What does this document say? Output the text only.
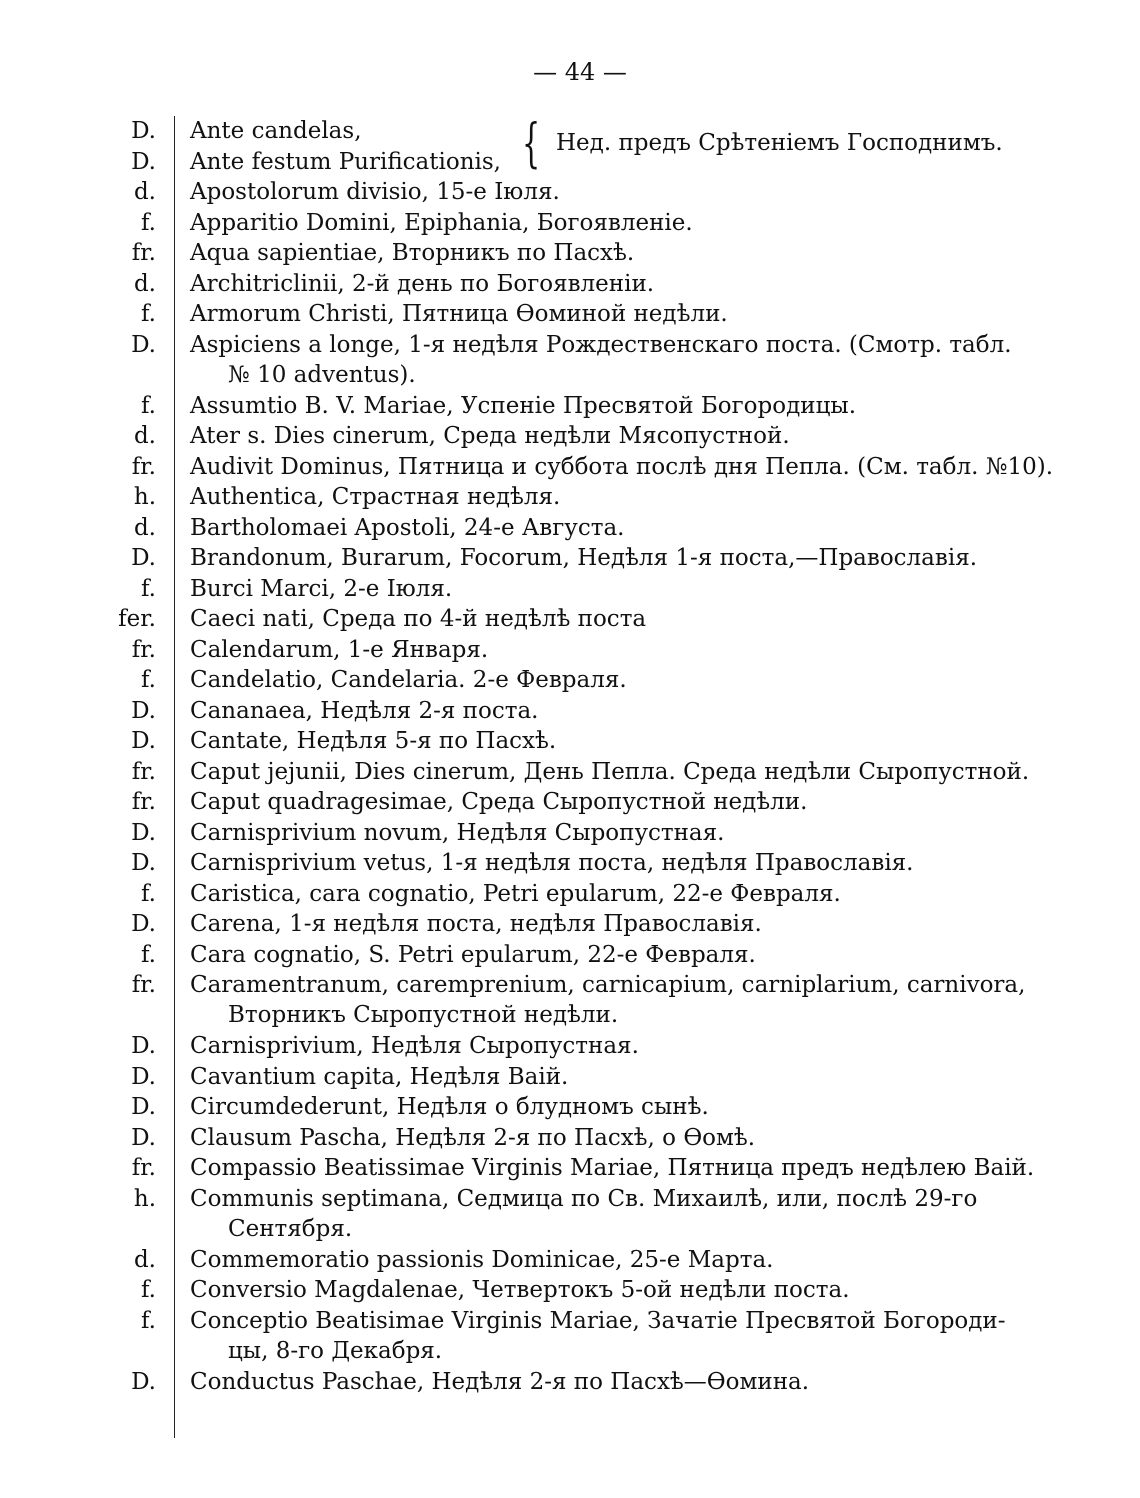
— 44 —
{ Нед. предъ Срѣтеніемъ Господнимъ.
D. Ante candelas,
D. Ante festum Purificationis,
d. Apostolorum divisio, 15-е Іюля.
f. Apparitio Domini, Epiphania, Богоявленіе.
fr. Aqua sapientiae, Вторникъ по Пасхѣ.
d. Architriclinii, 2-й день по Богоявленіи.
f. Armorum Christi, Пятница Ѳоминой недѣли.
D. Aspiciens a longe, 1-я недѣля Рождественскаго поста. (Смотр. табл.
№ 10 adventus).
f. Assumtio B. V. Mariae, Успеніе Пресвятой Богородицы.
d. Ater s. Dies cinerum, Среда недѣли Мясопустной.
fr. Audivit Dominus, Пятница и суббота послѣ дня Пепла. (См. табл. №10).
h. Authentica, Страстная недѣля.
d. Bartholomaei Apostoli, 24-е Августа.
D. Brandonum, Burarum, Focorum, Недѣля 1-я поста,—Православія.
f. Burci Marci, 2-е Іюля.
fer. Caeci nati, Среда по 4-й недѣлѣ поста
fr. Calendarum, 1-е Января.
f. Candelatio, Candelaria. 2-е Февраля.
D. Cananaea, Недѣля 2-я поста.
D. Cantate, Недѣля 5-я по Пасхѣ.
fr. Caput jejunii, Dies cinerum, День Пепла. Среда недѣли Сыропустной.
fr. Caput quadragesimae, Среда Сыропустной недѣли.
D. Carnisprivium novum, Недѣля Сыропустная.
D. Carnisprivium vetus, 1-я недѣля поста, недѣля Православія.
f. Caristica, cara cognatio, Petri epularum, 22-е Февраля.
D. Carena, 1-я недѣля поста, недѣля Православія.
f. Cara cognatio, S. Petri epularum, 22-е Февраля.
fr. Caramentranum, caremprenium, carnicapium, carniplarium, carnivora,
Вторникъ Сыропустной недѣли.
D. Carnisprivium, Недѣля Сыропустная.
D. Cavantium capita, Недѣля Ваій.
D. Circumdederunt, Недѣля о блудномъ сынѣ.
D. Clausum Pascha, Недѣля 2-я по Пасхѣ, о Ѳомѣ.
fr. Compassio Beatissimae Virginis Mariae, Пятница предъ недѣлею Ваій.
h. Communis septimana, Седмица по Св. Михаилѣ, или, послѣ 29-го
Сентября.
d. Commemoratio passionis Dominicae, 25-е Марта.
f. Conversio Magdalenae, Четвертокъ 5-ой недѣли поста.
f. Conceptio Beatisimae Virginis Mariae, Зачатіе Пресвятой Богороди-
цы, 8-го Декабря.
D. Conductus Paschae, Недѣля 2-я по Пасхѣ—Ѳомина.
